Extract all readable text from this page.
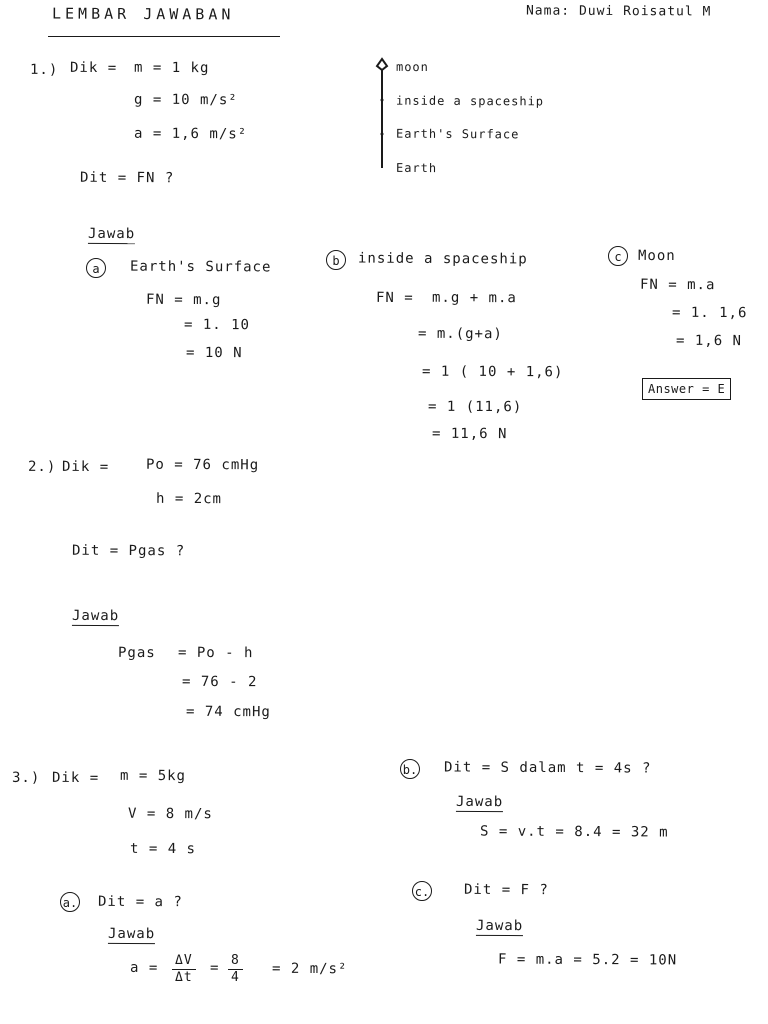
LEMBAR JAWABAN	Nama: Duwi Roisatul M
1.) Dik = m = 1 kg
g = 10 m/s²
a = 1,6 m/s²
Dit = FN ?
moon
inside a spaceship
Earth's Surface
Earth
Jawab
a	Earth's Surface
FN = m.g
= 1. 10
= 10 N
b	inside a spaceship
FN = m.g + m.a
= m.(g+a)
= 1 ( 10 + 1,6)
= 1 (11,6)
= 11,6 N
c	Moon
FN = m.a
= 1. 1,6
= 1,6 N
Answer = E
2.) Dik =	Po = 76 cmHg
h = 2cm
Dit = Pgas ?
Jawab
Pgas = Po - h
= 76 - 2
= 74 cmHg
3.) Dik = m = 5kg
V = 8 m/s
t = 4 s
a. Dit = a ?
Jawab
$a = \frac{\Delta V}{\Delta t} = \frac{8}{4} = 2$ m/s²
b. Dit = S dalam t = 4s ?
Jawab
S = v.t = 8.4 = 32 m
c. Dit = F ?
Jawab
F = m.a = 5.2 = 10N
